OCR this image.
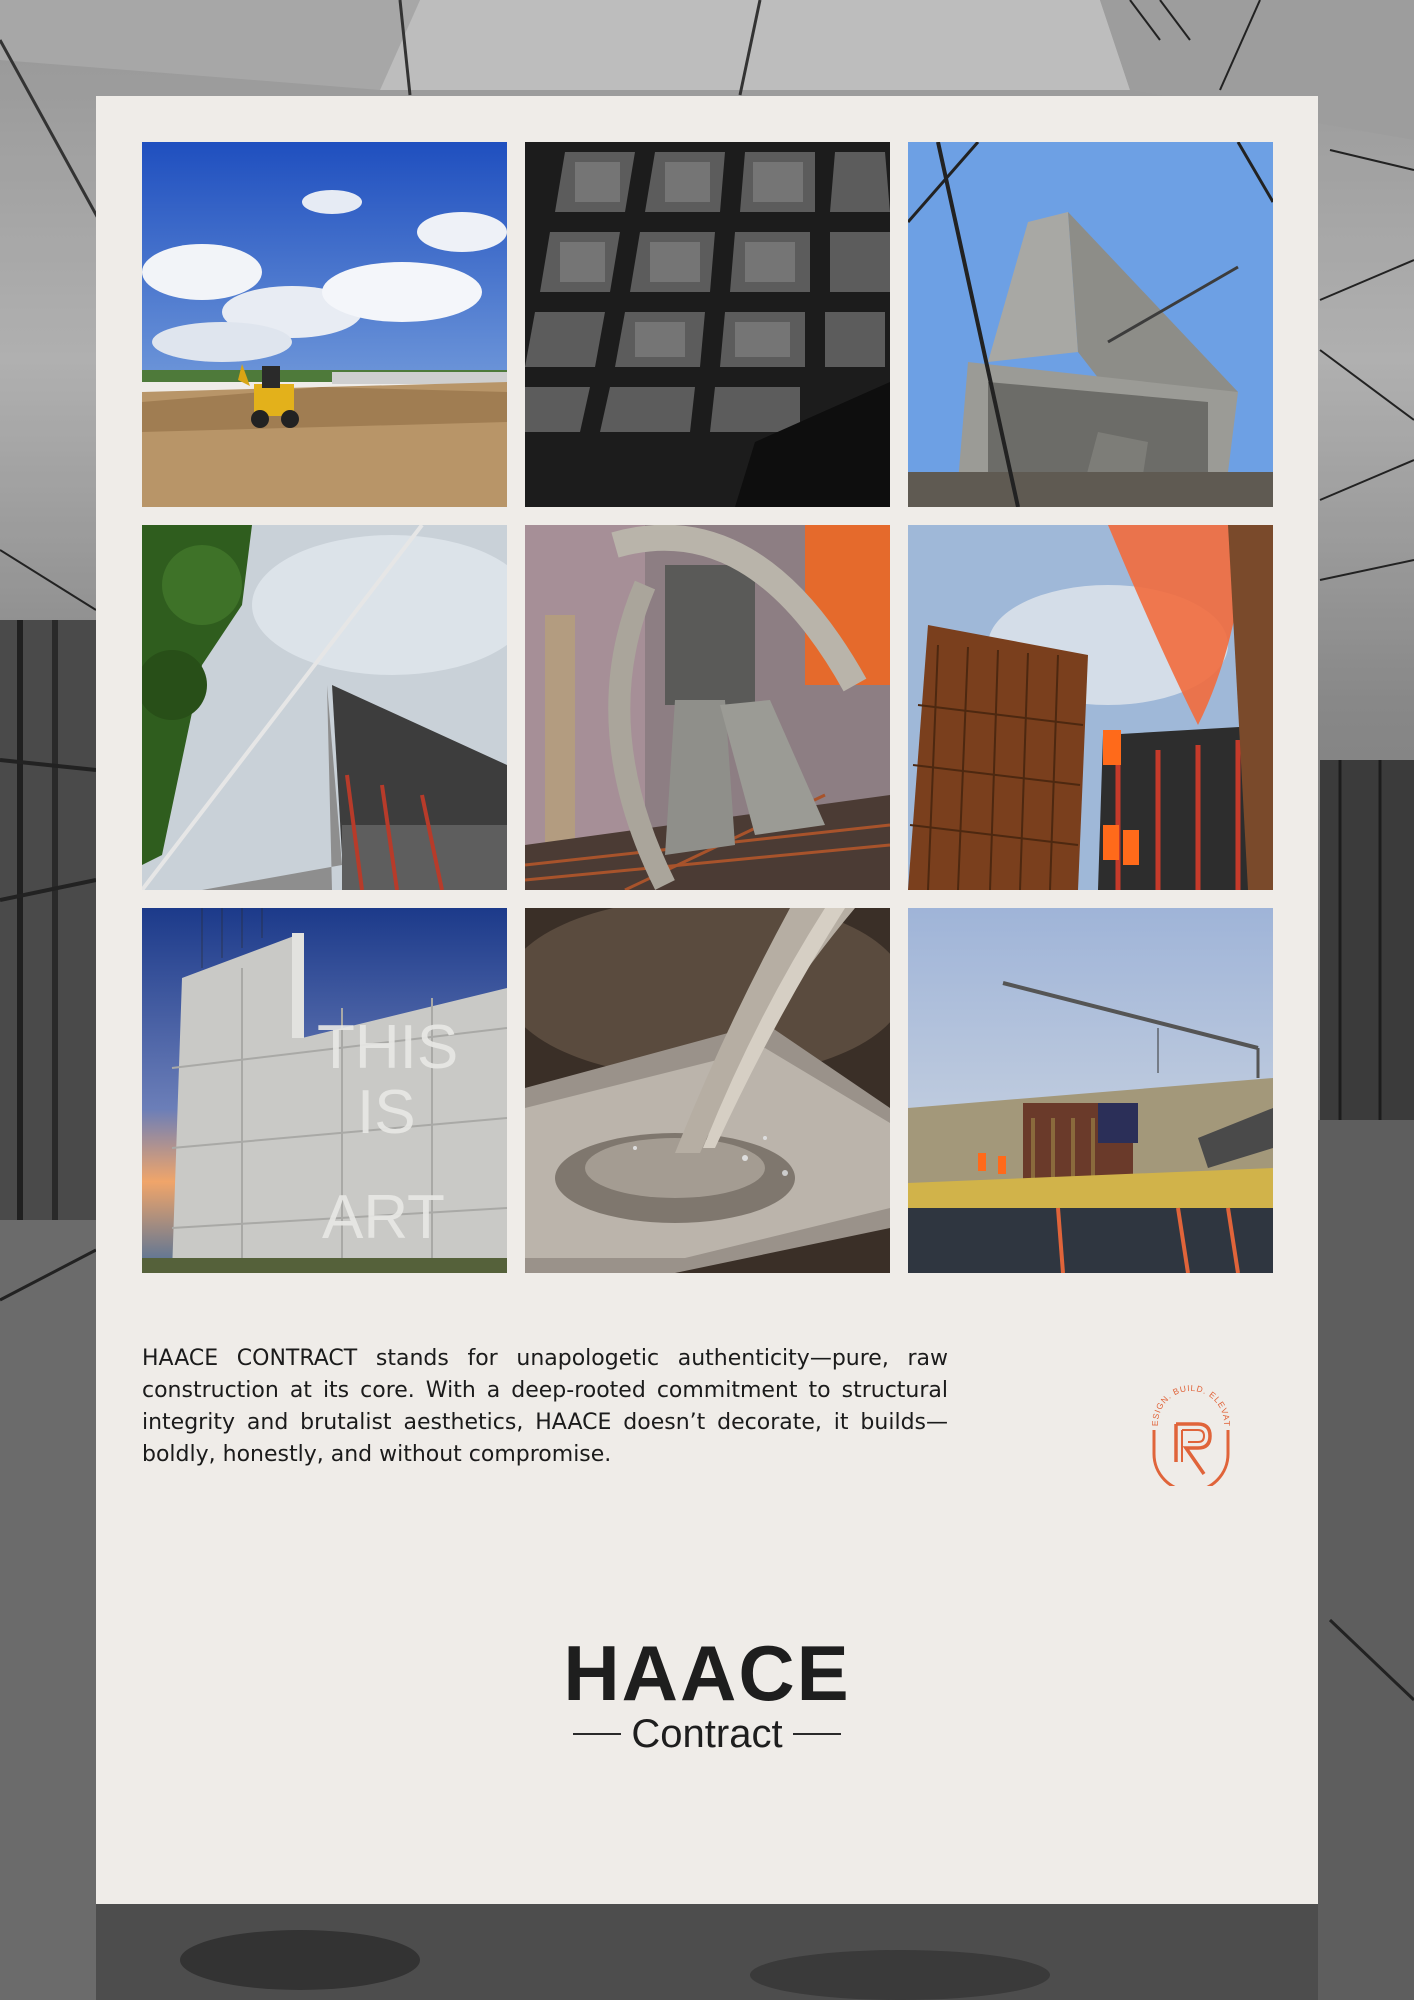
THIS
IS
ART

HAACE CONTRACT stands for unapologetic authenticity—pure, raw construction at its core. With a deep-rooted commitment to structural integrity and brutalist aesthetics, HAACE doesn’t decorate, it builds—boldly, honestly, and without compromise.

ESIGN. BUILD. ELEVAT
HAACE
Contract
